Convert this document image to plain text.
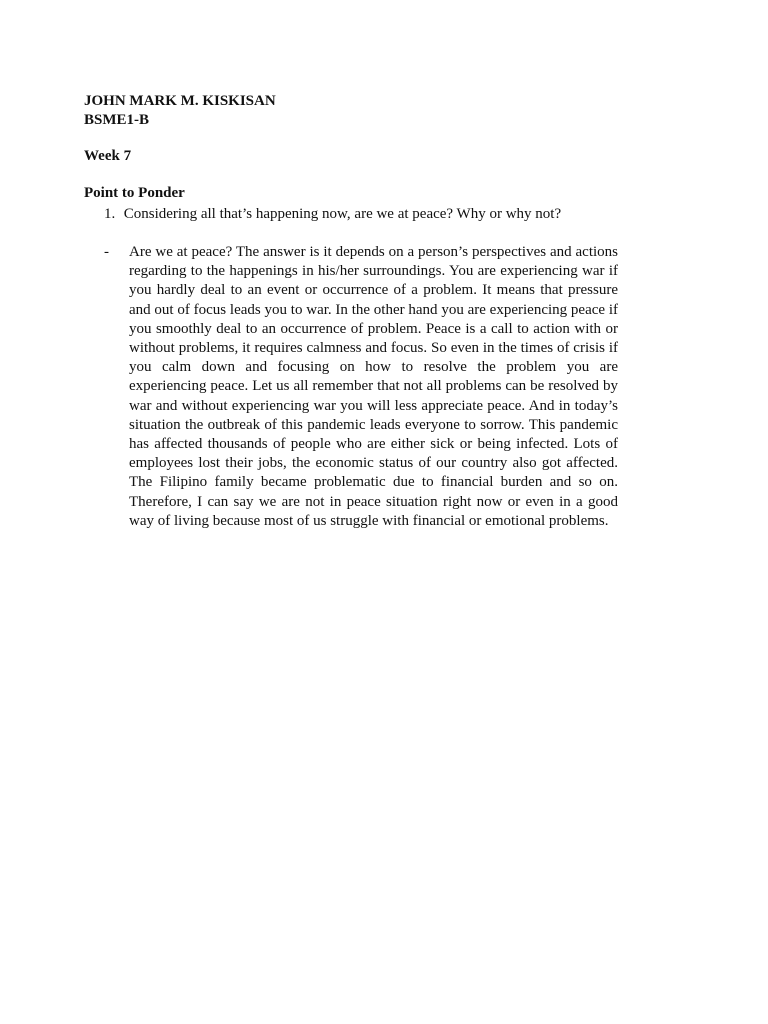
JOHN MARK M. KISKISAN
BSME1-B
Week 7
Point to Ponder
1. Considering all that’s happening now, are we at peace? Why or why not?
- Are we at peace? The answer is it depends on a person’s perspectives and actions regarding to the happenings in his/her surroundings. You are experiencing war if you hardly deal to an event or occurrence of a problem. It means that pressure and out of focus leads you to war. In the other hand you are experiencing peace if you smoothly deal to an occurrence of problem. Peace is a call to action with or without problems, it requires calmness and focus. So even in the times of crisis if you calm down and focusing on how to resolve the problem you are experiencing peace. Let us all remember that not all problems can be resolved by war and without experiencing war you will less appreciate peace. And in today’s situation the outbreak of this pandemic leads everyone to sorrow. This pandemic has affected thousands of people who are either sick or being infected. Lots of employees lost their jobs, the economic status of our country also got affected. The Filipino family became problematic due to financial burden and so on. Therefore, I can say we are not in peace situation right now or even in a good way of living because most of us struggle with financial or emotional problems.
